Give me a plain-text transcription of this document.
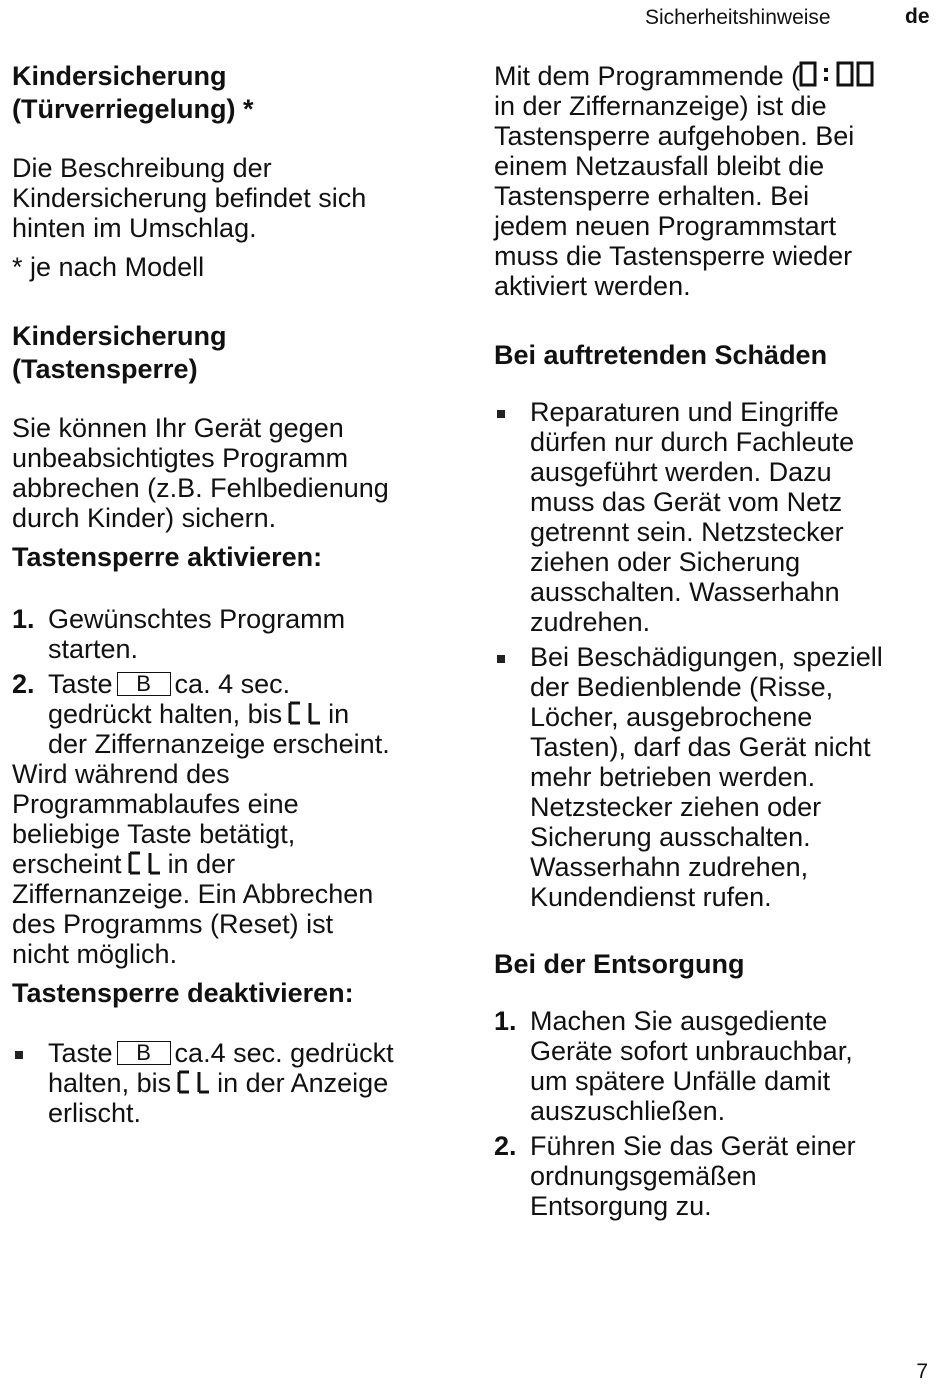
Sicherheitshinweise	de

Kindersicherung

(Türverriegelung) *

Die Beschreibung der

Kindersicherung befindet sich

hinten im Umschlag.

* je nach Modell

Kindersicherung

(Tastensperre)

Sie können Ihr Gerät gegen

unbeabsichtigtes Programm

abbrechen (z.B. Fehlbedienung

durch Kinder) sichern.

Tastensperre aktivieren:

1. Gewünschtes Programm
starten.
2. Taste B ca. 4 sec.
gedrückt halten, bis in
der Ziffernanzeige erscheint.

Wird während des

Programmablaufes eine

beliebige Taste betätigt,

erscheint in der

Ziffernanzeige. Ein Abbrechen

des Programms (Reset) ist

nicht möglich.

Tastensperre deaktivieren:

Taste B ca.4 sec. gedrückt
halten, bis in der Anzeige
erlischt.

Mit dem Programmende (

in der Ziffernanzeige) ist die

Tastensperre aufgehoben. Bei

einem Netzausfall bleibt die

Tastensperre erhalten. Bei

jedem neuen Programmstart

muss die Tastensperre wieder

aktiviert werden.

Bei auftretenden Schäden

Reparaturen und Eingriffe
dürfen nur durch Fachleute
ausgeführt werden. Dazu
muss das Gerät vom Netz
getrennt sein. Netzstecker
ziehen oder Sicherung
ausschalten. Wasserhahn
zudrehen.
Bei Beschädigungen, speziell
der Bedienblende (Risse,
Löcher, ausgebrochene
Tasten), darf das Gerät nicht
mehr betrieben werden.
Netzstecker ziehen oder
Sicherung ausschalten.
Wasserhahn zudrehen,
Kundendienst rufen.

Bei der Entsorgung

1. Machen Sie ausgediente
Geräte sofort unbrauchbar,
um spätere Unfälle damit
auszuschließen.
2. Führen Sie das Gerät einer
ordnungsgemäßen
Entsorgung zu.
7
